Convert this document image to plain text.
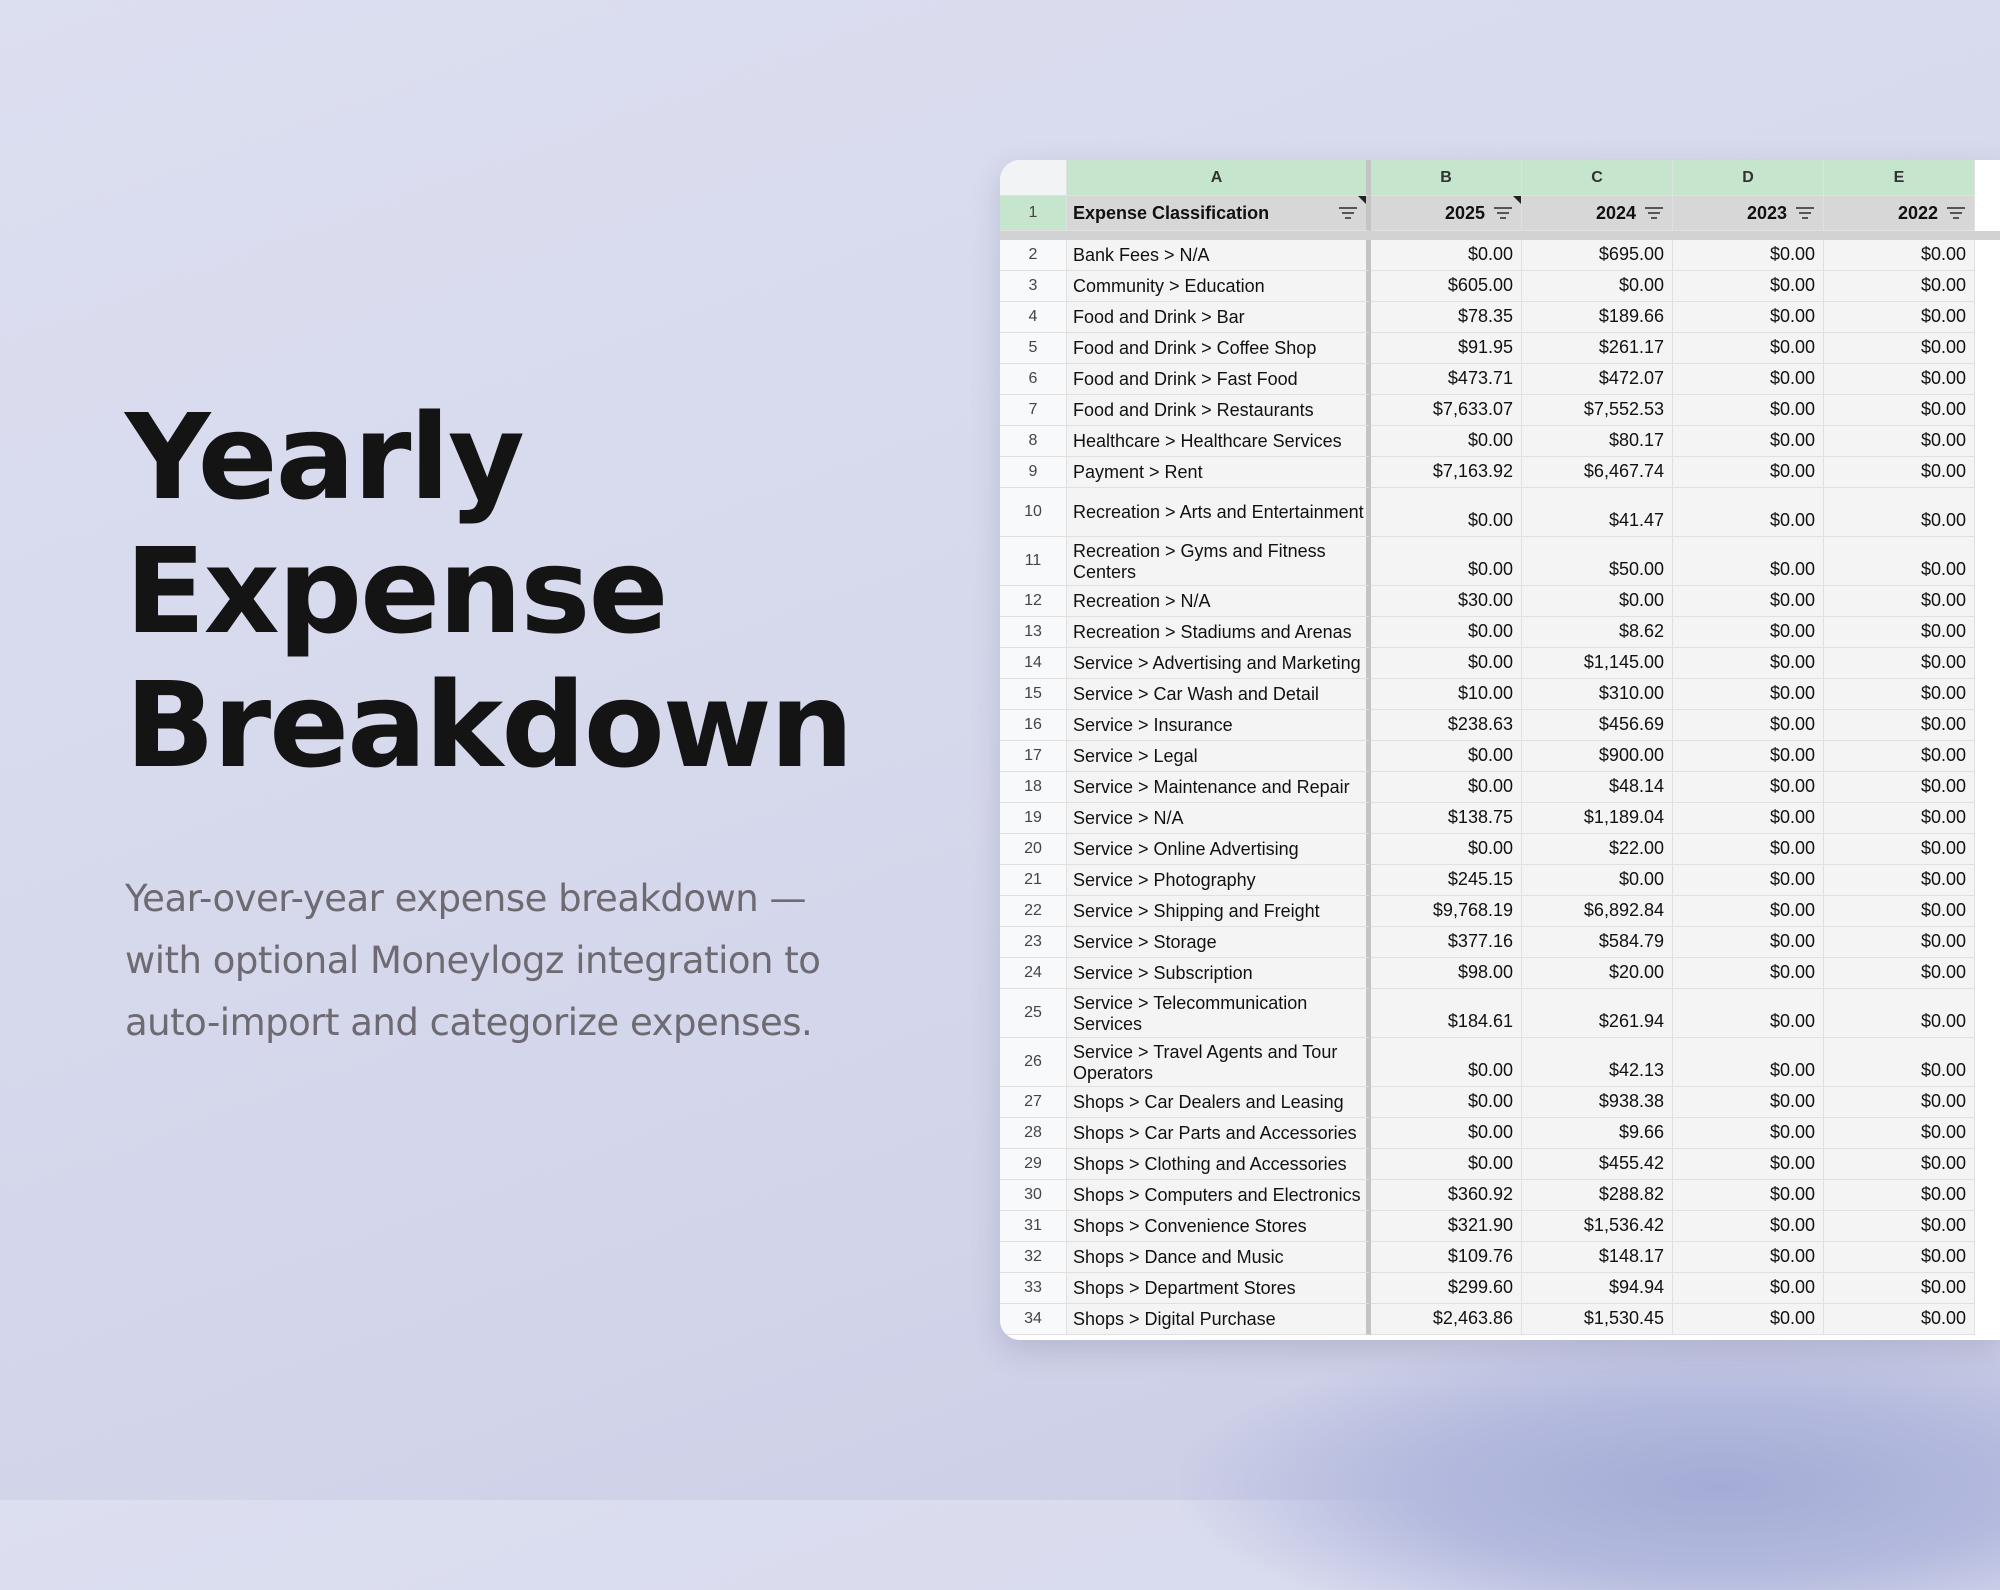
Yearly
Expense
Breakdown

Year-over-year expense breakdown — with optional Moneylogz integration to auto-import and categorize expenses.

A	B	C	D	E
1	Expense Classification	2025	2024	2023	2022
2	Bank Fees > N/A	$0.00	$695.00	$0.00	$0.00
3	Community > Education	$605.00	$0.00	$0.00	$0.00
4	Food and Drink > Bar	$78.35	$189.66	$0.00	$0.00
5	Food and Drink > Coffee Shop	$91.95	$261.17	$0.00	$0.00
6	Food and Drink > Fast Food	$473.71	$472.07	$0.00	$0.00
7	Food and Drink > Restaurants	$7,633.07	$7,552.53	$0.00	$0.00
8	Healthcare > Healthcare Services	$0.00	$80.17	$0.00	$0.00
9	Payment > Rent	$7,163.92	$6,467.74	$0.00	$0.00
10	Recreation > Arts and Entertainment	$0.00	$41.47	$0.00	$0.00
11	Recreation > Gyms and Fitness Centers	$0.00	$50.00	$0.00	$0.00
12	Recreation > N/A	$30.00	$0.00	$0.00	$0.00
13	Recreation > Stadiums and Arenas	$0.00	$8.62	$0.00	$0.00
14	Service > Advertising and Marketing	$0.00	$1,145.00	$0.00	$0.00
15	Service > Car Wash and Detail	$10.00	$310.00	$0.00	$0.00
16	Service > Insurance	$238.63	$456.69	$0.00	$0.00
17	Service > Legal	$0.00	$900.00	$0.00	$0.00
18	Service > Maintenance and Repair	$0.00	$48.14	$0.00	$0.00
19	Service > N/A	$138.75	$1,189.04	$0.00	$0.00
20	Service > Online Advertising	$0.00	$22.00	$0.00	$0.00
21	Service > Photography	$245.15	$0.00	$0.00	$0.00
22	Service > Shipping and Freight	$9,768.19	$6,892.84	$0.00	$0.00
23	Service > Storage	$377.16	$584.79	$0.00	$0.00
24	Service > Subscription	$98.00	$20.00	$0.00	$0.00
25	Service > Telecommunication Services	$184.61	$261.94	$0.00	$0.00
26	Service > Travel Agents and Tour Operators	$0.00	$42.13	$0.00	$0.00
27	Shops > Car Dealers and Leasing	$0.00	$938.38	$0.00	$0.00
28	Shops > Car Parts and Accessories	$0.00	$9.66	$0.00	$0.00
29	Shops > Clothing and Accessories	$0.00	$455.42	$0.00	$0.00
30	Shops > Computers and Electronics	$360.92	$288.82	$0.00	$0.00
31	Shops > Convenience Stores	$321.90	$1,536.42	$0.00	$0.00
32	Shops > Dance and Music	$109.76	$148.17	$0.00	$0.00
33	Shops > Department Stores	$299.60	$94.94	$0.00	$0.00
34	Shops > Digital Purchase	$2,463.86	$1,530.45	$0.00	$0.00
